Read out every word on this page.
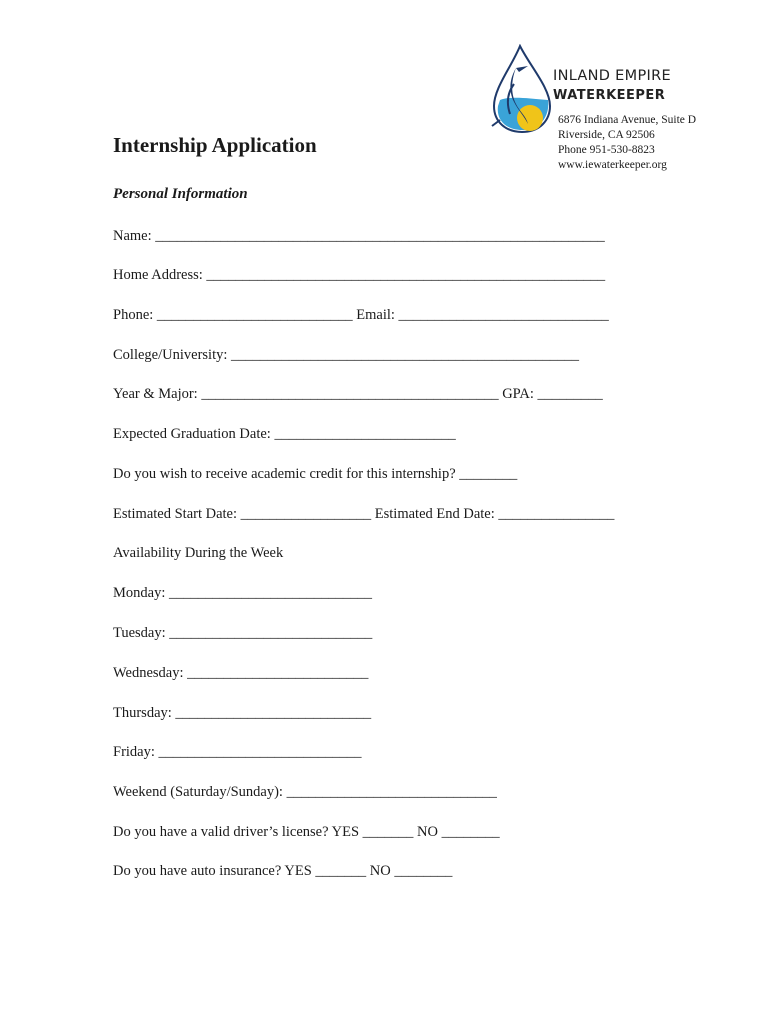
INLAND EMPIRE
WATERKEEPER
6876 Indiana Avenue, Suite D
Riverside, CA 92506
Phone 951-530-8823
www.iewaterkeeper.org
Internship Application
Personal Information
Name: ______________________________________________________________
Home Address: _______________________________________________________
Phone: ___________________________ Email: _____________________________
College/University: ________________________________________________
Year & Major: _________________________________________ GPA: _________
Expected Graduation Date: _________________________
Do you wish to receive academic credit for this internship? ________
Estimated Start Date: __________________ Estimated End Date: ________________
Availability During the Week
Monday: ____________________________
Tuesday: ____________________________
Wednesday: _________________________
Thursday: ___________________________
Friday: ____________________________
Weekend (Saturday/Sunday): _____________________________
Do you have a valid driver’s license? YES _______ NO ________
Do you have auto insurance? YES _______ NO ________
